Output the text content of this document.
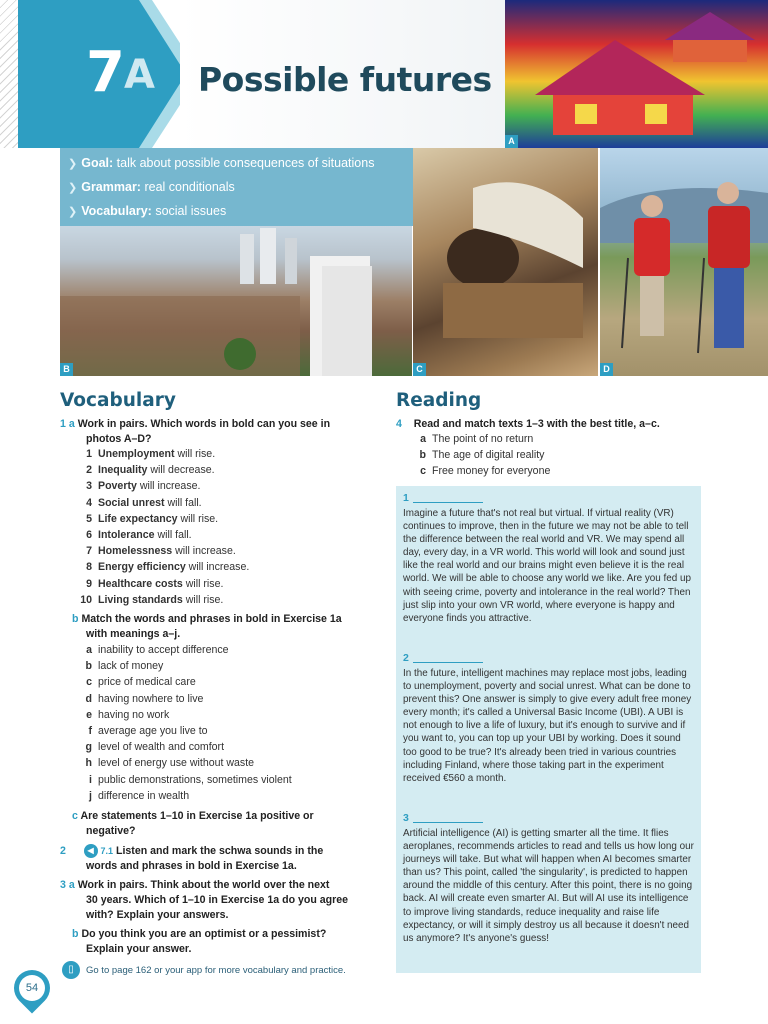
7 A Possible futures
A
❯ Goal: talk about possible consequences of situations
❯ Grammar: real conditionals
❯ Vocabulary: social issues
B	C	D
Vocabulary
1 a Work in pairs. Which words in bold can you see in
photos A–D?
1 Unemployment will rise.
2 Inequality will decrease.
3 Poverty will increase.
4 Social unrest will fall.
5 Life expectancy will rise.
6 Intolerance will fall.
7 Homelessness will increase.
8 Energy efficiency will increase.
9 Healthcare costs will rise.
10 Living standards will rise.
b Match the words and phrases in bold in Exercise 1a
with meanings a–j.
a inability to accept difference
b lack of money
c price of medical care
d having nowhere to live
e having no work
f average age you live to
g level of wealth and comfort
h level of energy use without waste
i public demonstrations, sometimes violent
j difference in wealth
c Are statements 1–10 in Exercise 1a positive or
negative?
2	◀ 7.1 Listen and mark the schwa sounds in the
words and phrases in bold in Exercise 1a.
3 a Work in pairs. Think about the world over the next
30 years. Which of 1–10 in Exercise 1a do you agree
with? Explain your answers.
b Do you think you are an optimist or a pessimist?
Explain your answer.
▯	Go to page 162 or your app for more vocabulary and practice.
Reading
4 Read and match texts 1–3 with the best title, a–c.
a The point of no return
b The age of digital reality
c Free money for everyone
1
Imagine a future that's not real but virtual. If virtual reality (VR) continues to improve, then in the future we may not be able to tell the difference between the real world and VR. We may spend all day, every day, in a VR world. This world will look and sound just like the real world and our brains might even believe it is the real world. We will be able to choose any world we like. Are you fed up with seeing crime, poverty and intolerance in the real world? Then just slip into your own VR world, where everyone is happy and everyone finds you attractive.
2
In the future, intelligent machines may replace most jobs, leading to unemployment, poverty and social unrest. What can be done to prevent this? One answer is simply to give every adult free money every month; it's called a Universal Basic Income (UBI). A UBI is not enough to live a life of luxury, but it's enough to survive and if you want to, you can top up your UBI by working. Does it sound too good to be true? It's already been tried in various countries including Finland, where those taking part in the experiment received €560 a month.
3
Artificial intelligence (AI) is getting smarter all the time. It flies aeroplanes, recommends articles to read and tells us how long our journeys will take. But what will happen when AI becomes smarter than us? This point, called 'the singularity', is predicted to happen around the middle of this century. After this point, there is no going back. AI will create even smarter AI. But will AI use its intelligence to improve living standards, reduce inequality and raise life expectancy, or will it simply destroy us all because it doesn't need us anymore? It's anyone's guess!
54
